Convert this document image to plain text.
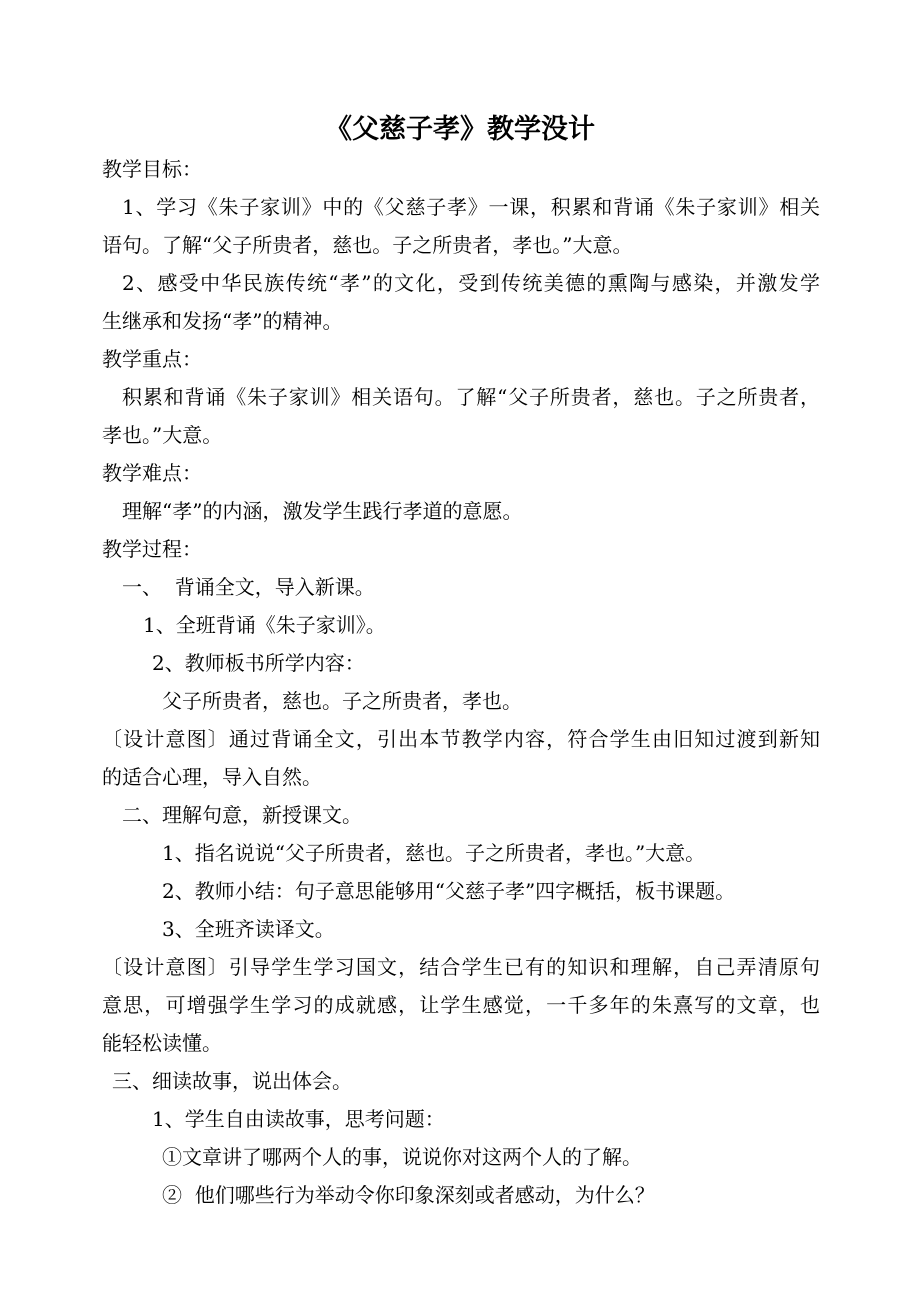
《父慈子孝》教学没计
教学目标：
1、学习《朱子家训》中的《父慈子孝》一课，积累和背诵《朱子家训》相关
语句。了解“父子所贵者，慈也。子之所贵者，孝也。”大意。
2、感受中华民族传统“孝”的文化，受到传统美德的熏陶与感染，并激发学
生继承和发扬“孝”的精神。
教学重点：
积累和背诵《朱子家训》相关语句。了解“父子所贵者，慈也。子之所贵者，
孝也。”大意。
教学难点：
理解“孝”的内涵，激发学生践行孝道的意愿。
教学过程：
一、  背诵全文，导入新课。
1、全班背诵《朱子家训》。
2、教师板书所学内容：
父子所贵者，慈也。子之所贵者，孝也。
〔设计意图〕通过背诵全文，引出本节教学内容，符合学生由旧知过渡到新知
的适合心理，导入自然。
二、理解句意，新授课文。
1、指名说说“父子所贵者，慈也。子之所贵者，孝也。”大意。
2、教师小结：句子意思能够用“父慈子孝”四字概括，板书课题。
3、全班齐读译文。
〔设计意图〕引导学生学习国文，结合学生已有的知识和理解，自己弄清原句
意思，可增强学生学习的成就感，让学生感觉，一千多年的朱熹写的文章，也
能轻松读懂。
三、细读故事，说出体会。
1、学生自由读故事，思考问题：
①文章讲了哪两个人的事，说说你对这两个人的了解。
②  他们哪些行为举动令你印象深刻或者感动，为什么？
